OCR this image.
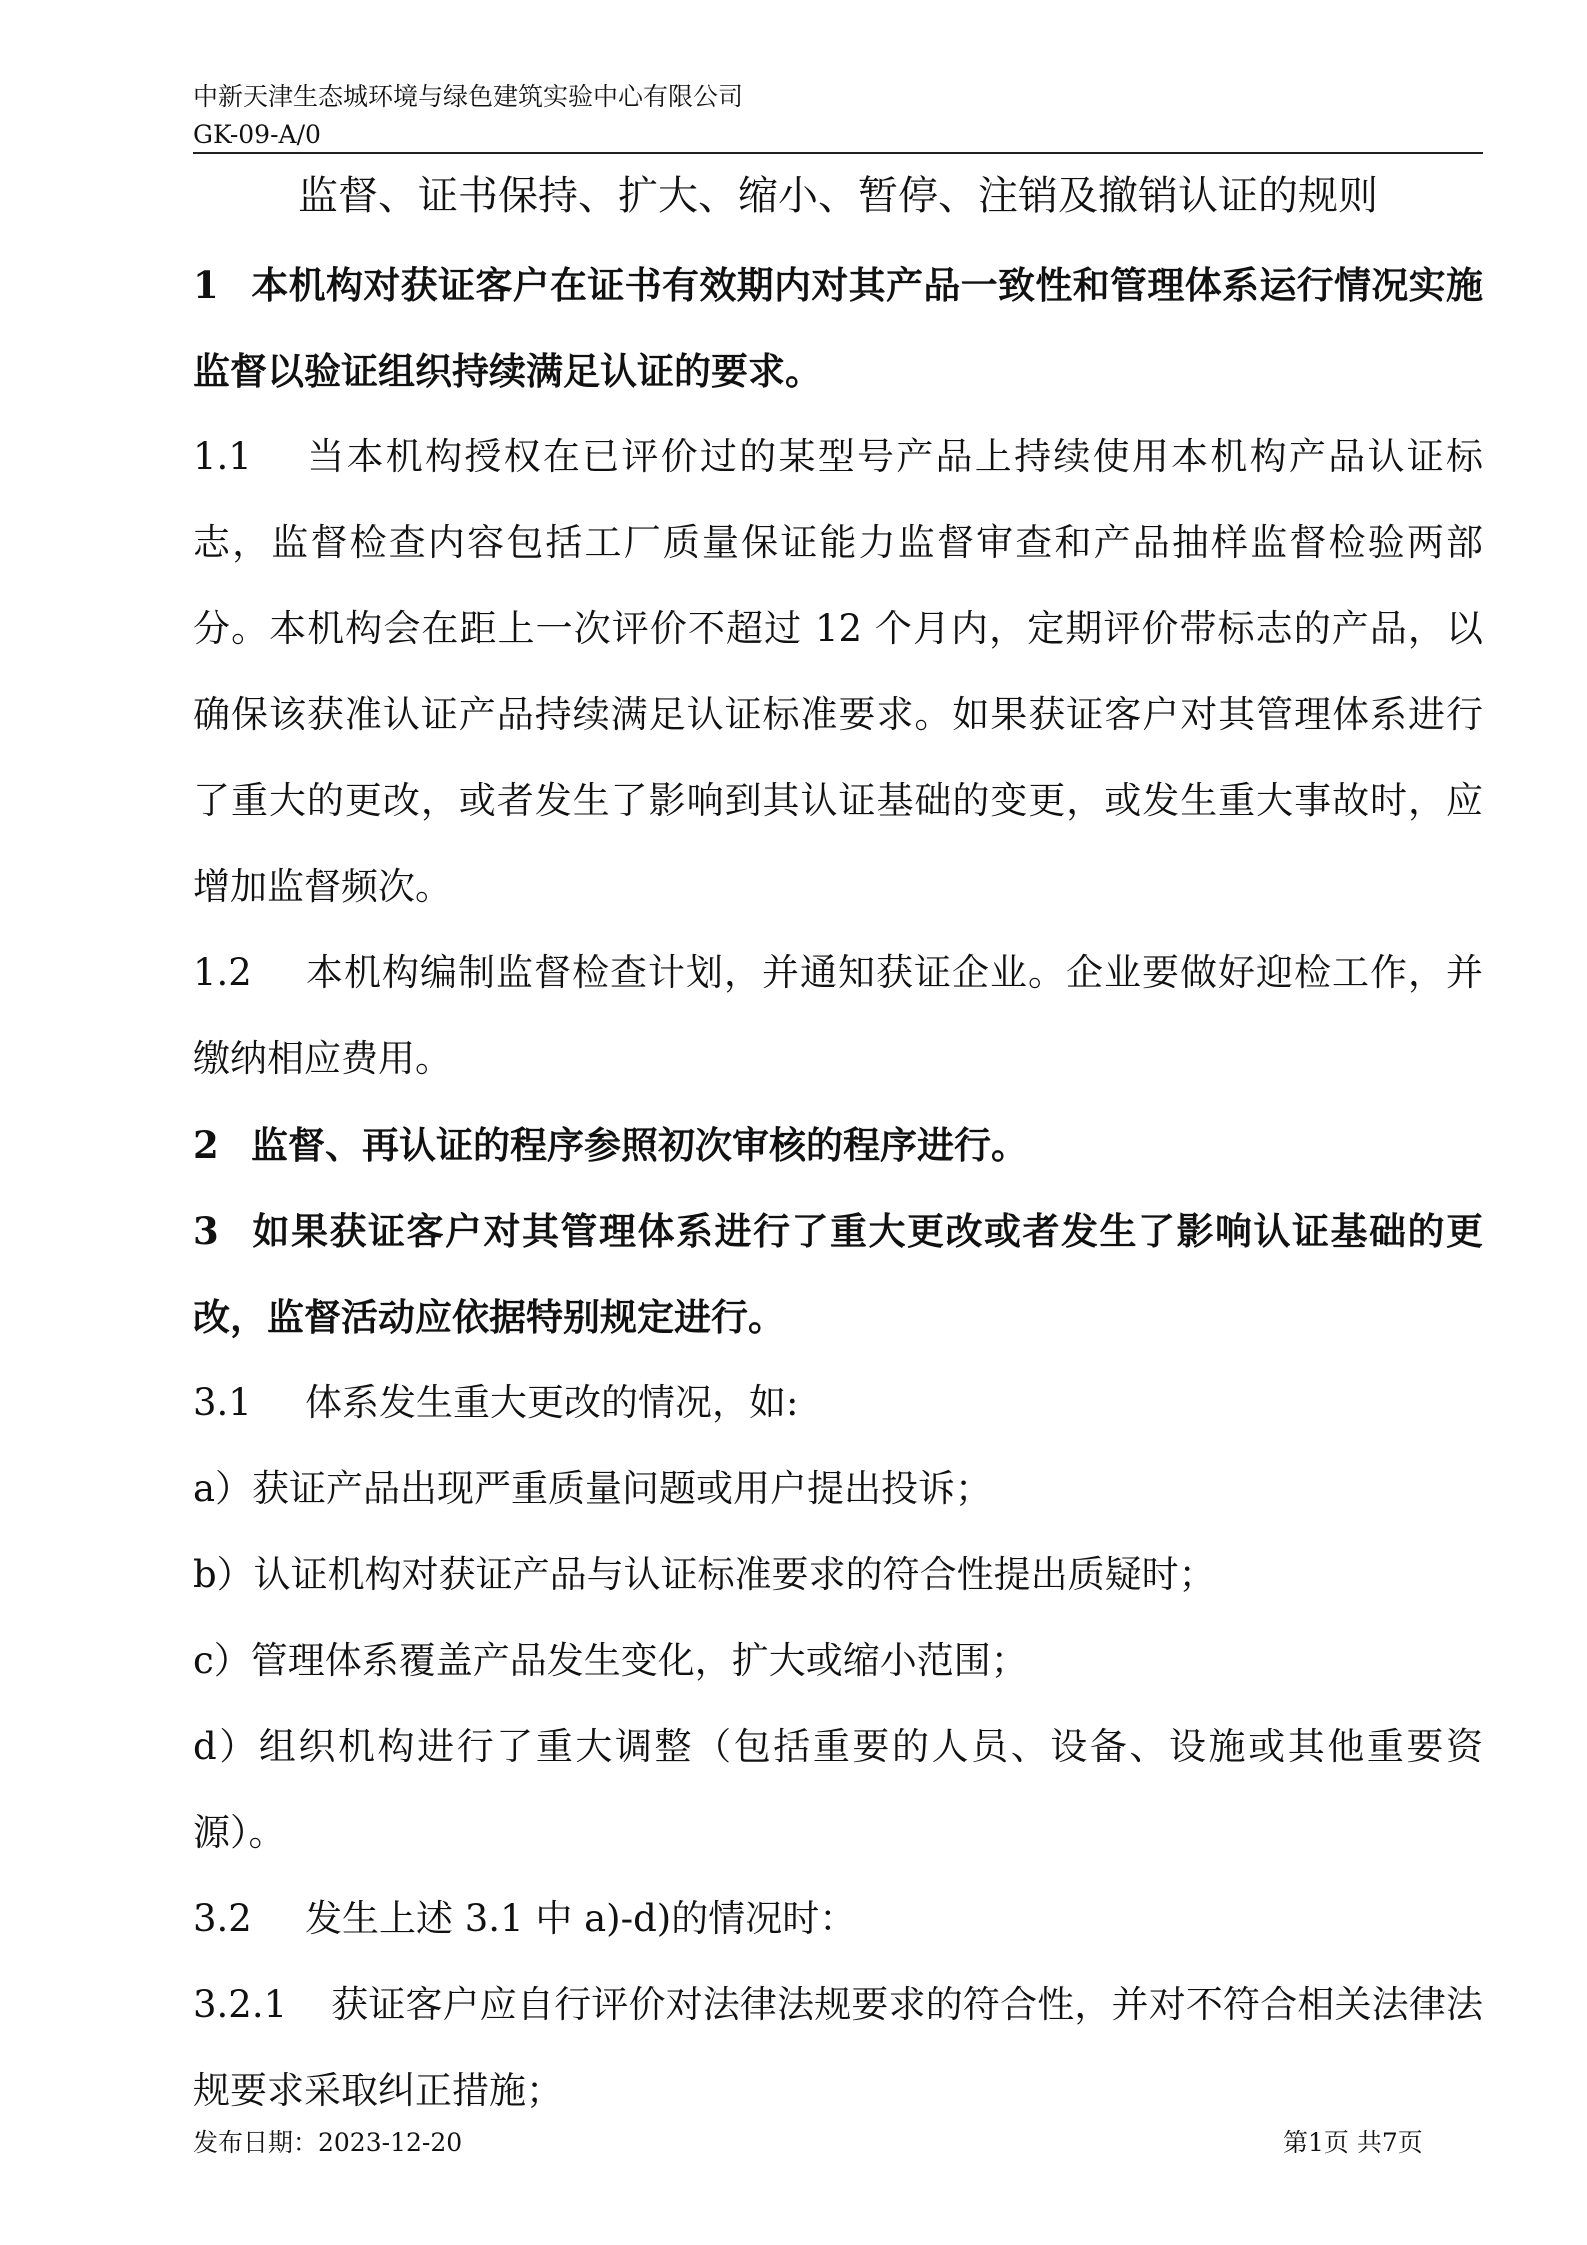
中新天津生态城环境与绿色建筑实验中心有限公司
GK-09-A/0
监督、证书保持、扩大、缩小、暂停、注销及撤销认证的规则

1 本机构对获证客户在证书有效期内对其产品一致性和管理体系运行情况实施监督以验证组织持续满足认证的要求。

1.1 当本机构授权在已评价过的某型号产品上持续使用本机构产品认证标志，监督检查内容包括工厂质量保证能力监督审查和产品抽样监督检验两部分。本机构会在距上一次评价不超过 12 个月内，定期评价带标志的产品，以确保该获准认证产品持续满足认证标准要求。如果获证客户对其管理体系进行了重大的更改，或者发生了影响到其认证基础的变更，或发生重大事故时，应增加监督频次。

1.2 本机构编制监督检查计划，并通知获证企业。企业要做好迎检工作，并缴纳相应费用。

2 监督、再认证的程序参照初次审核的程序进行。

3 如果获证客户对其管理体系进行了重大更改或者发生了影响认证基础的更改，监督活动应依据特别规定进行。

3.1 体系发生重大更改的情况，如:

a）获证产品出现严重质量问题或用户提出投诉；

b）认证机构对获证产品与认证标准要求的符合性提出质疑时；

c）管理体系覆盖产品发生变化，扩大或缩小范围；

d）组织机构进行了重大调整（包括重要的人员、设备、设施或其他重要资源）。

3.2 发生上述 3.1 中 a)-d)的情况时：

3.2.1 获证客户应自行评价对法律法规要求的符合性，并对不符合相关法律法规要求采取纠正措施；

发布日期：2023-12-20	第1页 共7页
